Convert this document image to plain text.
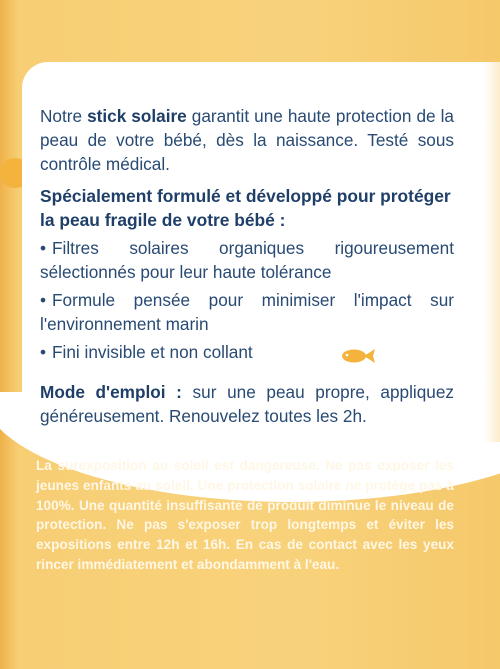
Notre stick solaire garantit une haute protection de la peau de votre bébé, dès la naissance. Testé sous contrôle médical.

Spécialement formulé et développé pour protéger la peau fragile de votre bébé :

• Filtres solaires organiques rigoureusement sélectionnés pour leur haute tolérance
• Formule pensée pour minimiser l'impact sur l'environnement marin
• Fini invisible et non collant

Mode d'emploi : sur une peau propre, appliquez généreusement. Renouvelez toutes les 2h.

La surexposition au soleil est dangereuse. Ne pas exposer les jeunes enfants au soleil. Une protection solaire ne protège pas à 100%. Une quantité insuffisante de produit diminue le niveau de protection. Ne pas s'exposer trop longtemps et éviter les expositions entre 12h et 16h. En cas de contact avec les yeux rincer immédiatement et abondamment à l'eau.
